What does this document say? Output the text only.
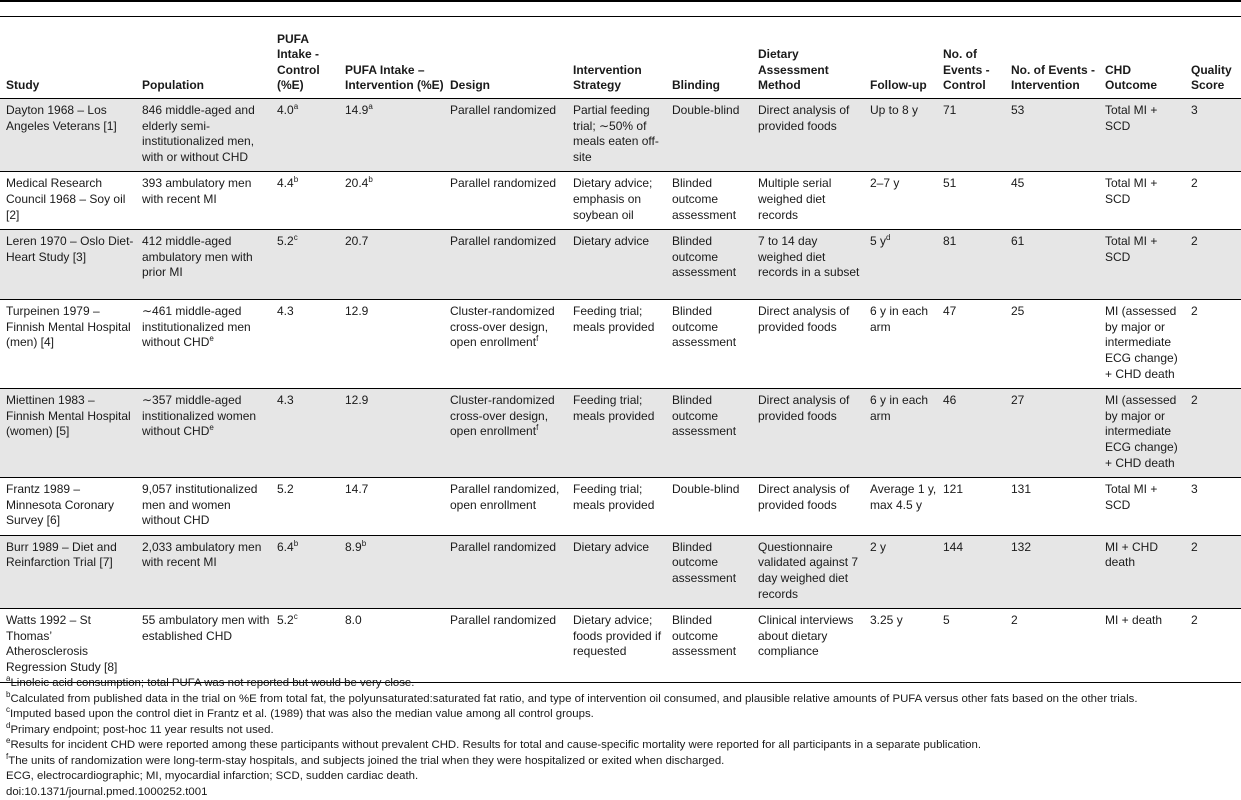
Study	Population	PUFA Intake - Control (%E)	PUFA Intake – Intervention (%E)	Design	Intervention Strategy	Blinding	Dietary Assessment Method	Follow-up	No. of Events - Control	No. of Events - Intervention	CHD Outcome	Quality Score
Dayton 1968 – Los Angeles Veterans [1]	846 middle-aged and elderly semi-institutionalized men, with or without CHD	4.0$^a$	14.9$^a$	Parallel randomized	Partial feeding trial; ∼50% of meals eaten off-site	Double-blind	Direct analysis of provided foods	Up to 8 y	71	53	Total MI + SCD	3
Medical Research Council 1968 – Soy oil [2]	393 ambulatory men with recent MI	4.4$^b$	20.4$^b$	Parallel randomized	Dietary advice; emphasis on soybean oil	Blinded outcome assessment	Multiple serial weighed diet records	2–7 y	51	45	Total MI + SCD	2
Leren 1970 – Oslo Diet-Heart Study [3]	412 middle-aged ambulatory men with prior MI	5.2$^c$	20.7	Parallel randomized	Dietary advice	Blinded outcome assessment	7 to 14 day weighed diet records in a subset	5 $y^d$	81	61	Total MI + SCD	2
Turpeinen 1979 – Finnish Mental Hospital (men) [4]	∼461 middle-aged institutionalized men without CHD$^e$	4.3	12.9	Cluster-randomized cross-over design, open enrollment$^f$	Feeding trial; meals provided	Blinded outcome assessment	Direct analysis of provided foods	6 y in each arm	47	25	MI (assessed by major or intermediate ECG change) + CHD death	2
Miettinen 1983 – Finnish Mental Hospital (women) [5]	∼357 middle-aged institionalized women without CHD$^e$	4.3	12.9	Cluster-randomized cross-over design, open enrollment$^f$	Feeding trial; meals provided	Blinded outcome assessment	Direct analysis of provided foods	6 y in each arm	46	27	MI (assessed by major or intermediate ECG change) + CHD death	2
Frantz 1989 – Minnesota Coronary Survey [6]	9,057 institutionalized men and women without CHD	5.2	14.7	Parallel randomized, open enrollment	Feeding trial; meals provided	Double-blind	Direct analysis of provided foods	Average 1 y, max 4.5 y	121	131	Total MI + SCD	3
Burr 1989 – Diet and Reinfarction Trial [7]	2,033 ambulatory men with recent MI	6.4$^b$	8.9$^b$	Parallel randomized	Dietary advice	Blinded outcome assessment	Questionnaire validated against 7 day weighed diet records	2 y	144	132	MI + CHD death	2
Watts 1992 – St Thomas’ Atherosclerosis Regression Study [8]	55 ambulatory men with established CHD	5.2$^c$	8.0	Parallel randomized	Dietary advice; foods provided if requested	Blinded outcome assessment	Clinical interviews about dietary compliance	3.25 y	5	2	MI + death	2
$^a$Linoleic acid consumption; total PUFA was not reported but would be very close.
$^b$Calculated from published data in the trial on %E from total fat, the polyunsaturated:saturated fat ratio, and type of intervention oil consumed, and plausible relative amounts of PUFA versus other fats based on the other trials.
$^c$Imputed based upon the control diet in Frantz et al. (1989) that was also the median value among all control groups.
$^d$Primary endpoint; post-hoc 11 year results not used.
$^e$Results for incident CHD were reported among these participants without prevalent CHD. Results for total and cause-specific mortality were reported for all participants in a separate publication.
$^f$The units of randomization were long-term-stay hospitals, and subjects joined the trial when they were hospitalized or exited when discharged.
ECG, electrocardiographic; MI, myocardial infarction; SCD, sudden cardiac death.
doi:10.1371/journal.pmed.1000252.t001
